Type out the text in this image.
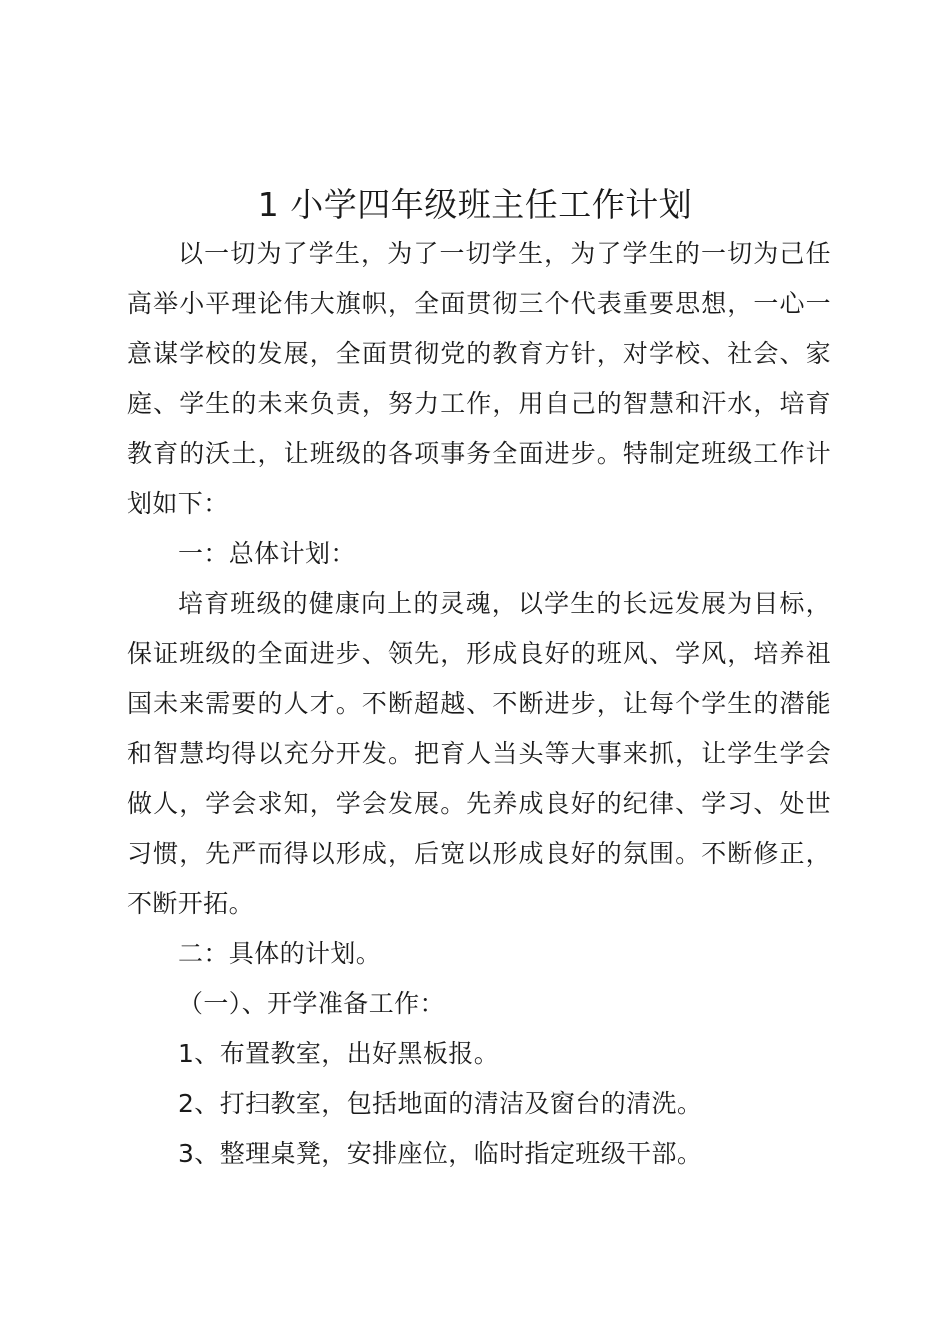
1 小学四年级班主任工作计划
以一切为了学生，为了一切学生，为了学生的一切为己任
高举小平理论伟大旗帜，全面贯彻三个代表重要思想，一心一
意谋学校的发展，全面贯彻党的教育方针，对学校、社会、家
庭、学生的未来负责，努力工作，用自己的智慧和汗水，培育
教育的沃土，让班级的各项事务全面进步。特制定班级工作计
划如下：
一：总体计划：
培育班级的健康向上的灵魂，以学生的长远发展为目标，
保证班级的全面进步、领先，形成良好的班风、学风，培养祖
国未来需要的人才。不断超越、不断进步，让每个学生的潜能
和智慧均得以充分开发。把育人当头等大事来抓，让学生学会
做人，学会求知，学会发展。先养成良好的纪律、学习、处世
习惯，先严而得以形成，后宽以形成良好的氛围。不断修正，
不断开拓。
二：具体的计划。
（一）、开学准备工作：
1、布置教室，出好黑板报。
2、打扫教室，包括地面的清洁及窗台的清洗。
3、整理桌凳，安排座位，临时指定班级干部。
